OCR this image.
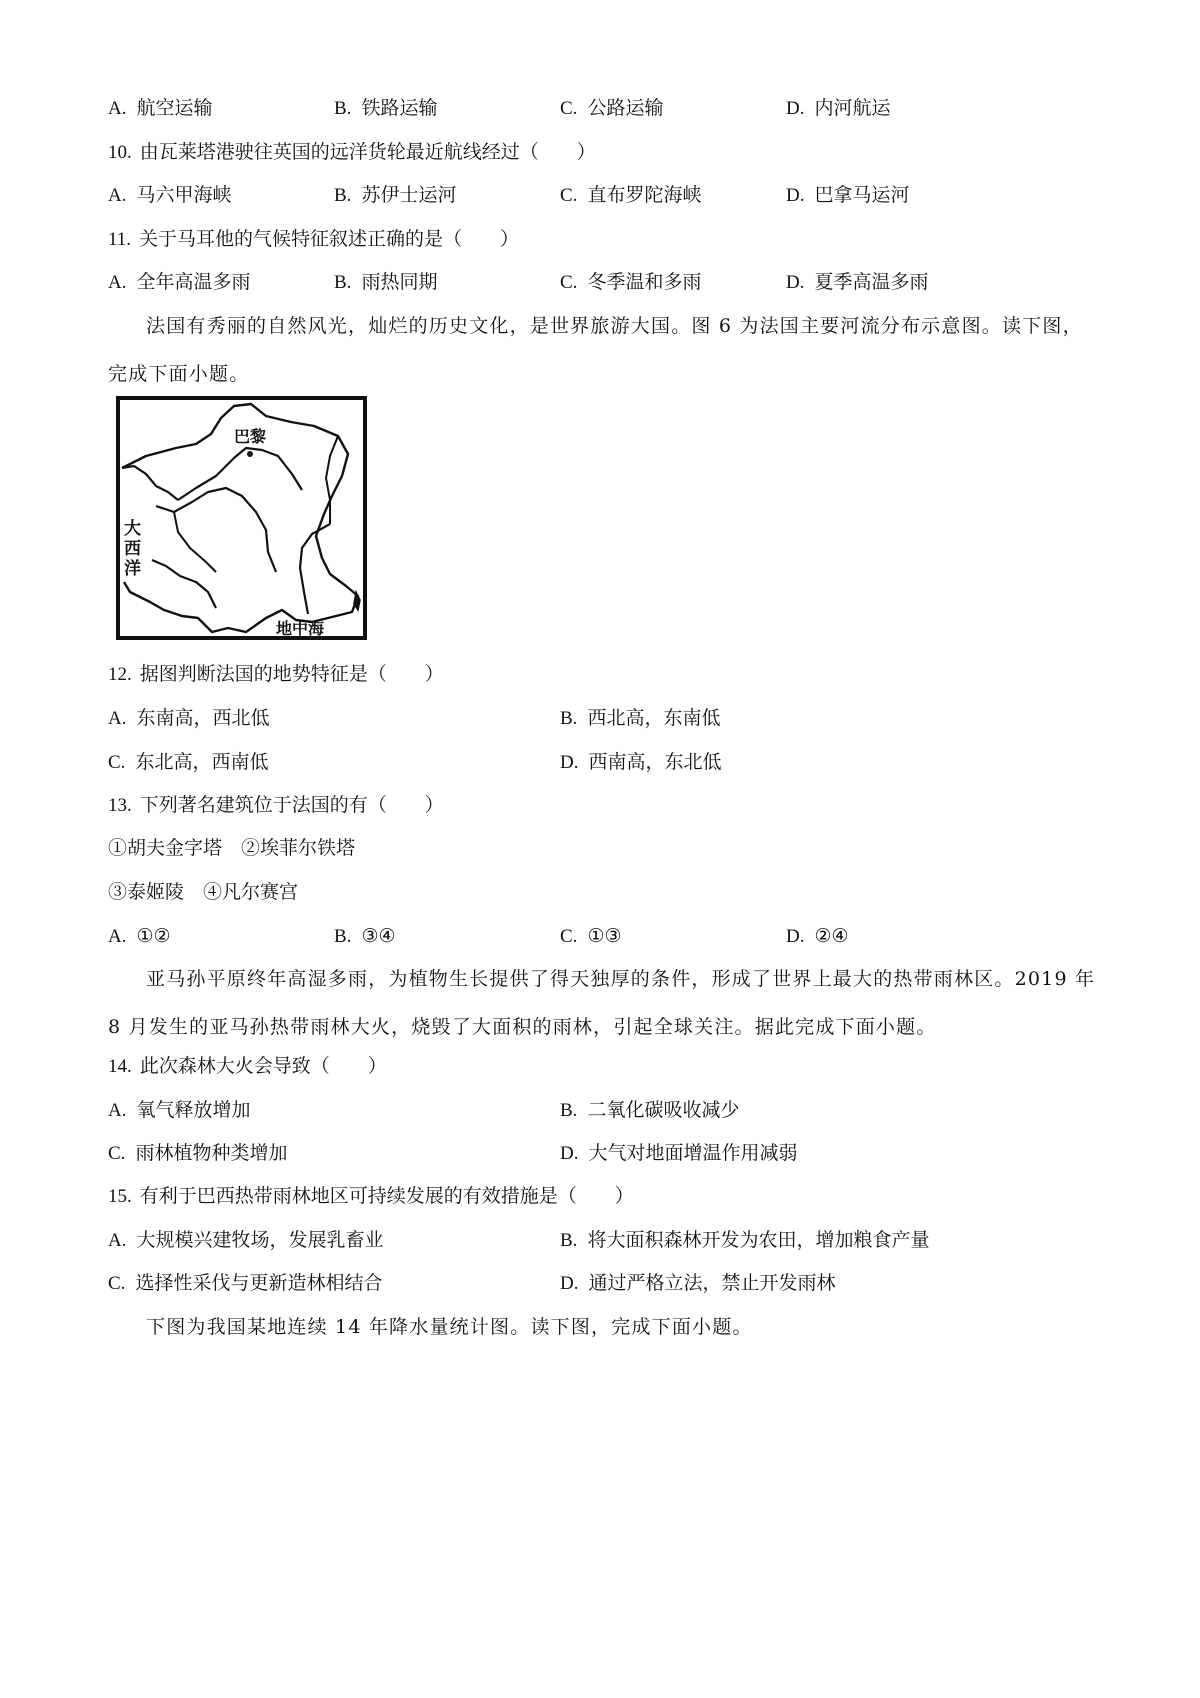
A. 航空运输	B. 铁路运输	C. 公路运输	D. 内河航运
10. 由瓦莱塔港驶往英国的远洋货轮最近航线经过（　　）
A. 马六甲海峡	B. 苏伊士运河	C. 直布罗陀海峡	D. 巴拿马运河
11. 关于马耳他的气候特征叙述正确的是（　　）
A. 全年高温多雨	B. 雨热同期	C. 冬季温和多雨	D. 夏季高温多雨
法国有秀丽的自然风光，灿烂的历史文化，是世界旅游大国。图 6 为法国主要河流分布示意图。读下图，完成下面小题。
巴黎
大
西
洋
地中海
12. 据图判断法国的地势特征是（　　）
A. 东南高，西北低	B. 西北高，东南低
C. 东北高，西南低	D. 西南高，东北低
13. 下列著名建筑位于法国的有（　　）
①胡夫金字塔　②埃菲尔铁塔
③泰姬陵　④凡尔赛宫
A. ①②	B. ③④	C. ①③	D. ②④
亚马孙平原终年高湿多雨，为植物生长提供了得天独厚的条件，形成了世界上最大的热带雨林区。2019 年 8 月发生的亚马孙热带雨林大火，烧毁了大面积的雨林，引起全球关注。据此完成下面小题。
14. 此次森林大火会导致（　　）
A. 氧气释放增加	B. 二氧化碳吸收减少
C. 雨林植物种类增加	D. 大气对地面增温作用减弱
15. 有利于巴西热带雨林地区可持续发展的有效措施是（　　）
A. 大规模兴建牧场，发展乳畜业	B. 将大面积森林开发为农田，增加粮食产量
C. 选择性采伐与更新造林相结合	D. 通过严格立法，禁止开发雨林
下图为我国某地连续 14 年降水量统计图。读下图，完成下面小题。
